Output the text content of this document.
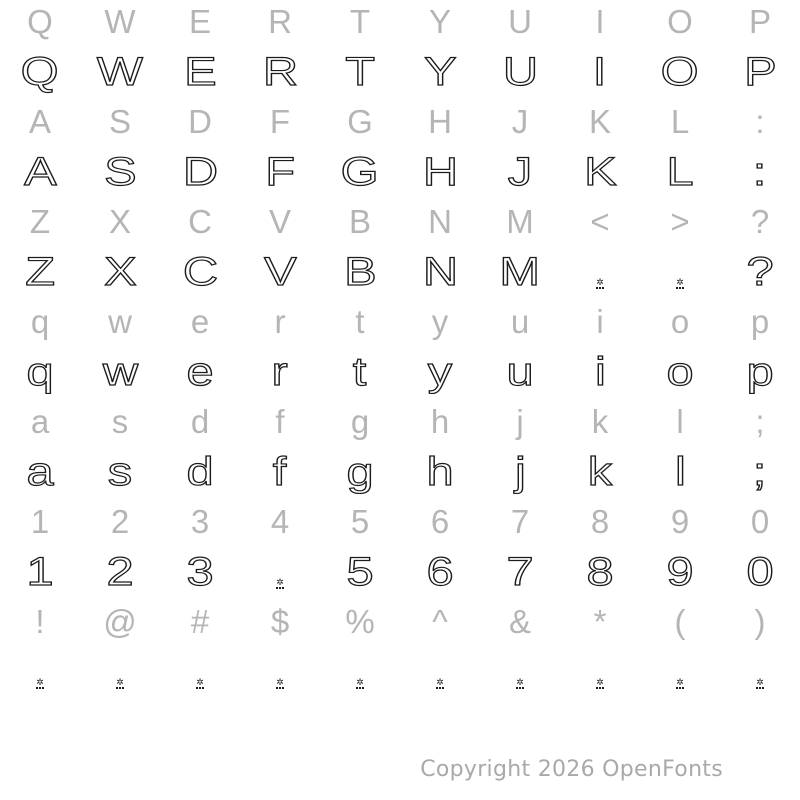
Q W E R T Y U I O P
Q W E R T Y U I O P
A S D F G H J K L :
A S D F G H J K L :
Z X C V B N M < > ?
Z X C V B N M	✲	✲ ?
q w e r t y u i o p
q w e r t y u i o p
a s d f g h j k l ;
a s d f g h j k l ;
1 2 3 4 5 6 7 8 9 0
1 2 3	✲ 5 6 7 8 9 0
! @ # $ % ^ & * ( )
✲	✲	✲	✲	✲	✲	✲	✲	✲	✲
Copyright 2026 OpenFonts
